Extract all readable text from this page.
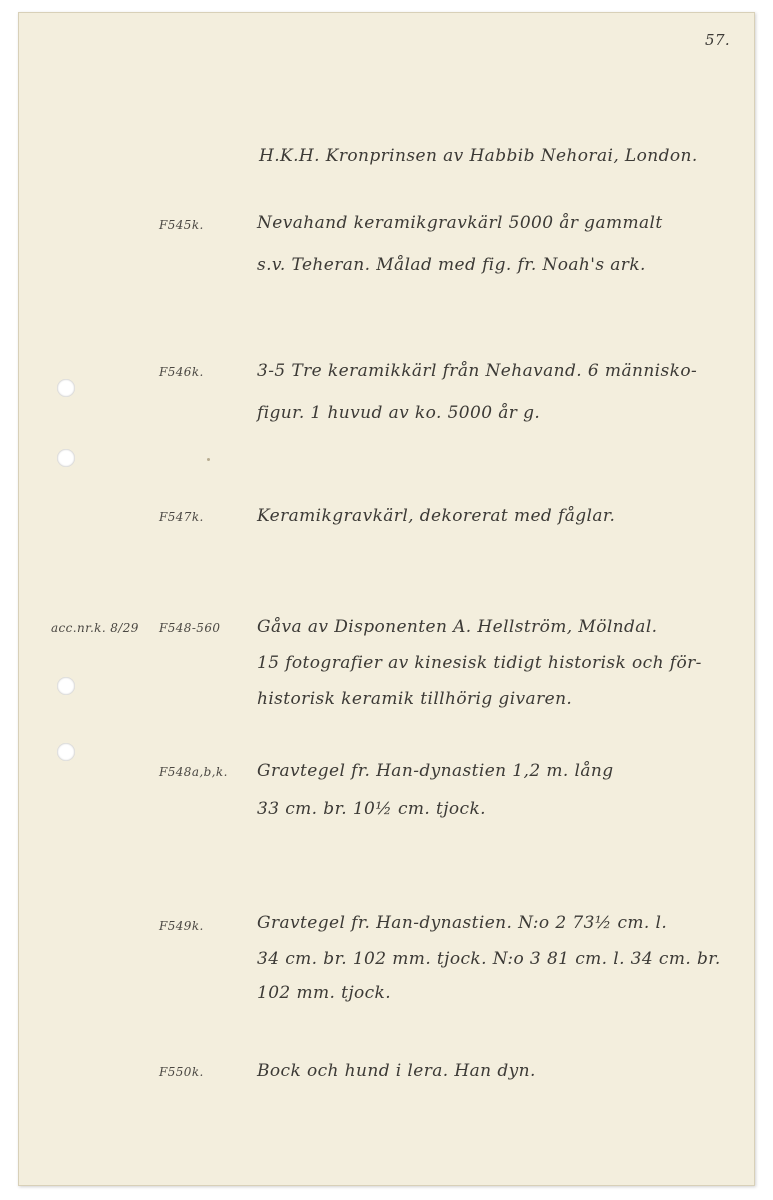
57.
H.K.H. Kronprinsen av Habbib Nehorai, London.
F545k.	Nevahand keramikgravkärl 5000 år gammalt
s.v. Teheran. Målad med fig. fr. Noah's ark.
F546k.	3-5 Tre keramikkärl från Nehavand. 6 människo-
figur. 1 huvud av ko. 5000 år g.
F547k.	Keramikgravkärl, dekorerat med fåglar.
acc.nr.k. 8/29 F548-560 Gåva av Disponenten A. Hellström, Mölndal.
15 fotografier av kinesisk tidigt historisk och för-
historisk keramik tillhörig givaren.
F548a,b,k. Gravtegel fr. Han-dynastien 1,2 m. lång
33 cm. br. 10½ cm. tjock.
F549k.	Gravtegel fr. Han-dynastien. N:o 2 73½ cm. l.
34 cm. br. 102 mm. tjock. N:o 3 81 cm. l. 34 cm. br.
102 mm. tjock.
F550k.	Bock och hund i lera. Han dyn.
